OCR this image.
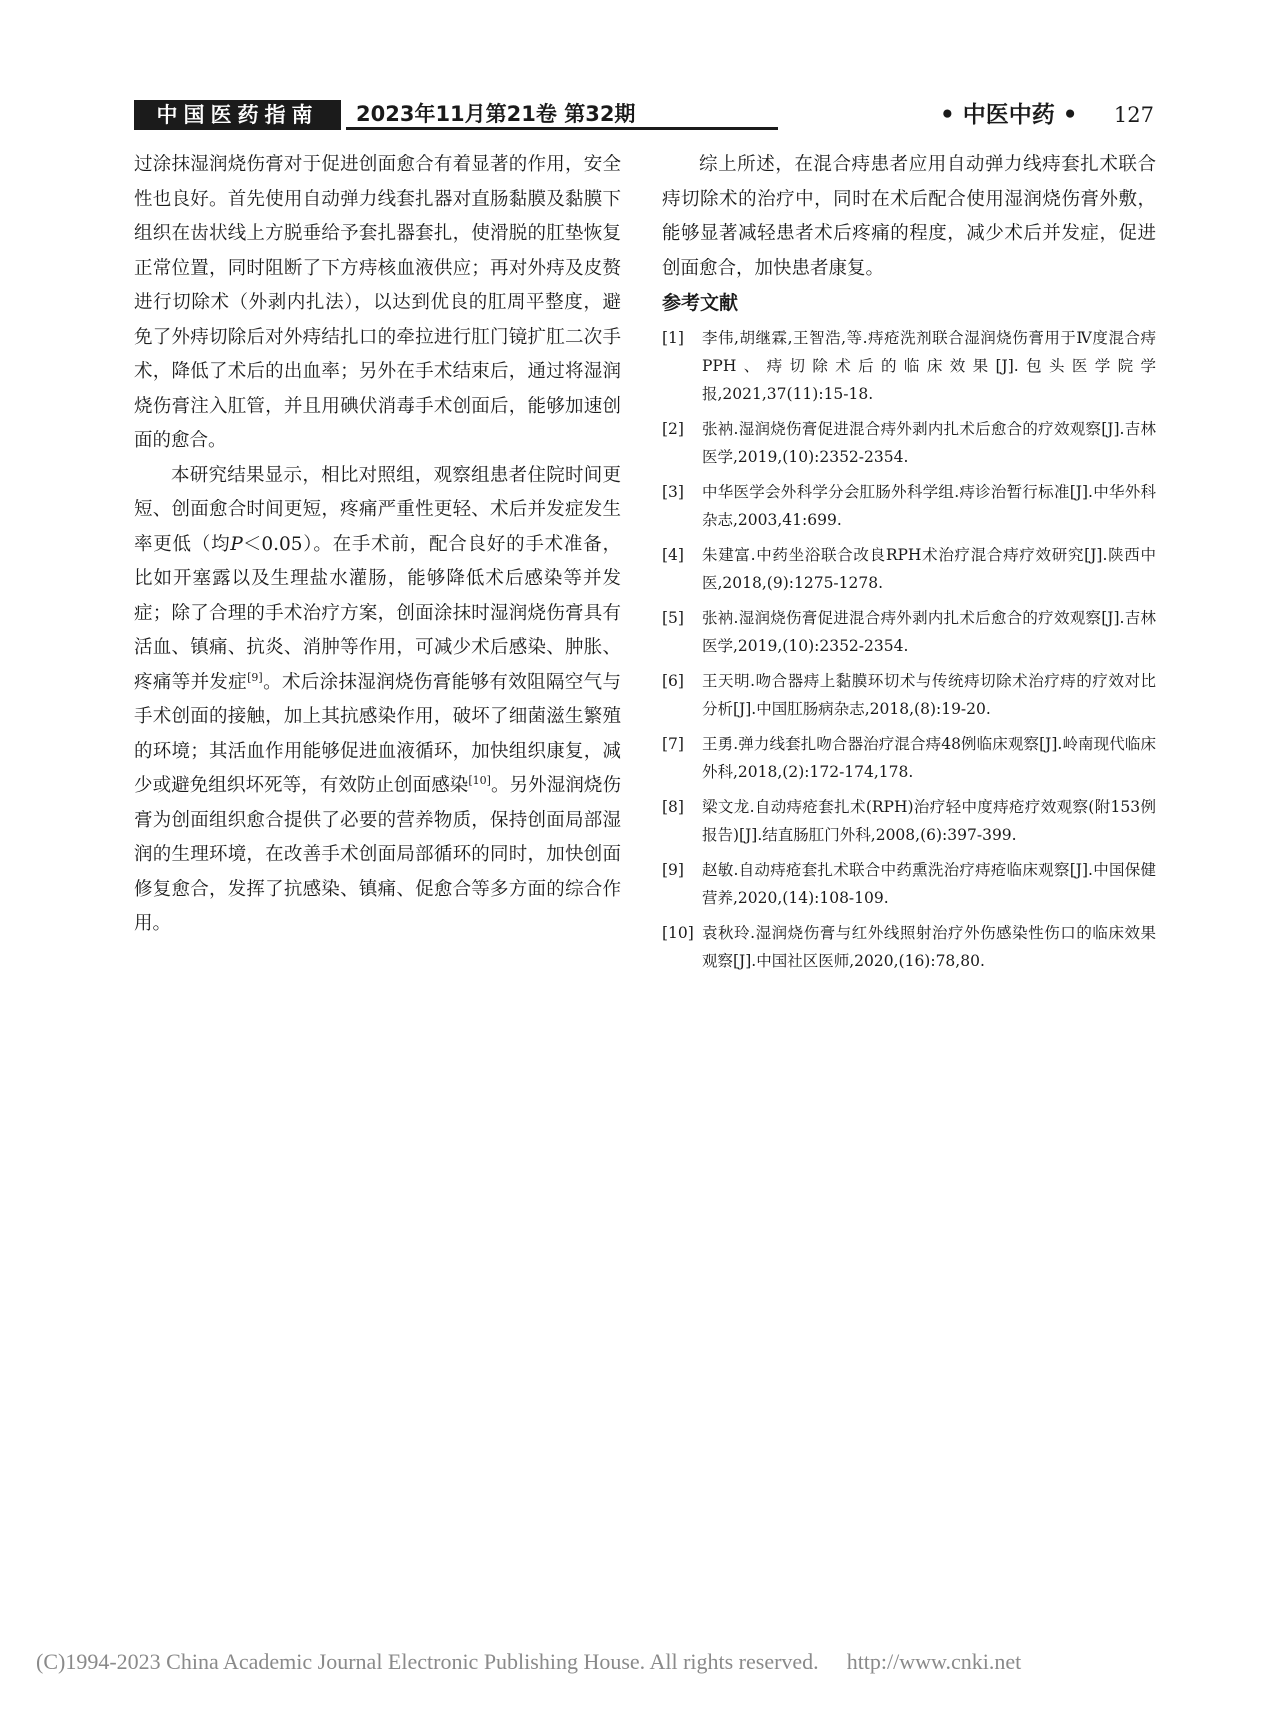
中国医药指南	2023年11月第21卷 第32期	• 中医中药 • 127

过涂抹湿润烧伤膏对于促进创面愈合有着显著的作用，安全性也良好。首先使用自动弹力线套扎器对直肠黏膜及黏膜下组织在齿状线上方脱垂给予套扎器套扎，使滑脱的肛垫恢复正常位置，同时阻断了下方痔核血液供应；再对外痔及皮赘进行切除术（外剥内扎法），以达到优良的肛周平整度，避免了外痔切除后对外痔结扎口的牵拉进行肛门镜扩肛二次手术，降低了术后的出血率；另外在手术结束后，通过将湿润烧伤膏注入肛管，并且用碘伏消毒手术创面后，能够加速创面的愈合。

本研究结果显示，相比对照组，观察组患者住院时间更短、创面愈合时间更短，疼痛严重性更轻、术后并发症发生率更低（均P＜0.05）。在手术前，配合良好的手术准备，比如开塞露以及生理盐水灌肠，能够降低术后感染等并发症；除了合理的手术治疗方案，创面涂抹时湿润烧伤膏具有活血、镇痛、抗炎、消肿等作用，可减少术后感染、肿胀、疼痛等并发症[9]。术后涂抹湿润烧伤膏能够有效阻隔空气与手术创面的接触，加上其抗感染作用，破坏了细菌滋生繁殖的环境；其活血作用能够促进血液循环，加快组织康复，减少或避免组织坏死等，有效防止创面感染[10]。另外湿润烧伤膏为创面组织愈合提供了必要的营养物质，保持创面局部湿润的生理环境，在改善手术创面局部循环的同时，加快创面修复愈合，发挥了抗感染、镇痛、促愈合等多方面的综合作用。

综上所述，在混合痔患者应用自动弹力线痔套扎术联合痔切除术的治疗中，同时在术后配合使用湿润烧伤膏外敷，能够显著减轻患者术后疼痛的程度，减少术后并发症，促进创面愈合，加快患者康复。

参考文献
[1]	李伟,胡继霖,王智浩,等.痔疮洗剂联合湿润烧伤膏用于Ⅳ度混合痔PPH、痔切除术后的临床效果[J].包头医学院学报,2021,37(11):15-18.
[2]	张衲.湿润烧伤膏促进混合痔外剥内扎术后愈合的疗效观察[J].吉林医学,2019,(10):2352-2354.
[3]	中华医学会外科学分会肛肠外科学组.痔诊治暂行标准[J].中华外科杂志,2003,41:699.
[4]	朱建富.中药坐浴联合改良RPH术治疗混合痔疗效研究[J].陕西中医,2018,(9):1275-1278.
[5]	张衲.湿润烧伤膏促进混合痔外剥内扎术后愈合的疗效观察[J].吉林医学,2019,(10):2352-2354.
[6]	王天明.吻合器痔上黏膜环切术与传统痔切除术治疗痔的疗效对比分析[J].中国肛肠病杂志,2018,(8):19-20.
[7]	王勇.弹力线套扎吻合器治疗混合痔48例临床观察[J].岭南现代临床外科,2018,(2):172-174,178.
[8]	梁文龙.自动痔疮套扎术(RPH)治疗轻中度痔疮疗效观察(附153例报告)[J].结直肠肛门外科,2008,(6):397-399.
[9]	赵敏.自动痔疮套扎术联合中药熏洗治疗痔疮临床观察[J].中国保健营养,2020,(14):108-109.
[10] 袁秋玲.湿润烧伤膏与红外线照射治疗外伤感染性伤口的临床效果观察[J].中国社区医师,2020,(16):78,80.
(C)1994-2023 China Academic Journal Electronic Publishing House. All rights reserved. http://www.cnki.net
